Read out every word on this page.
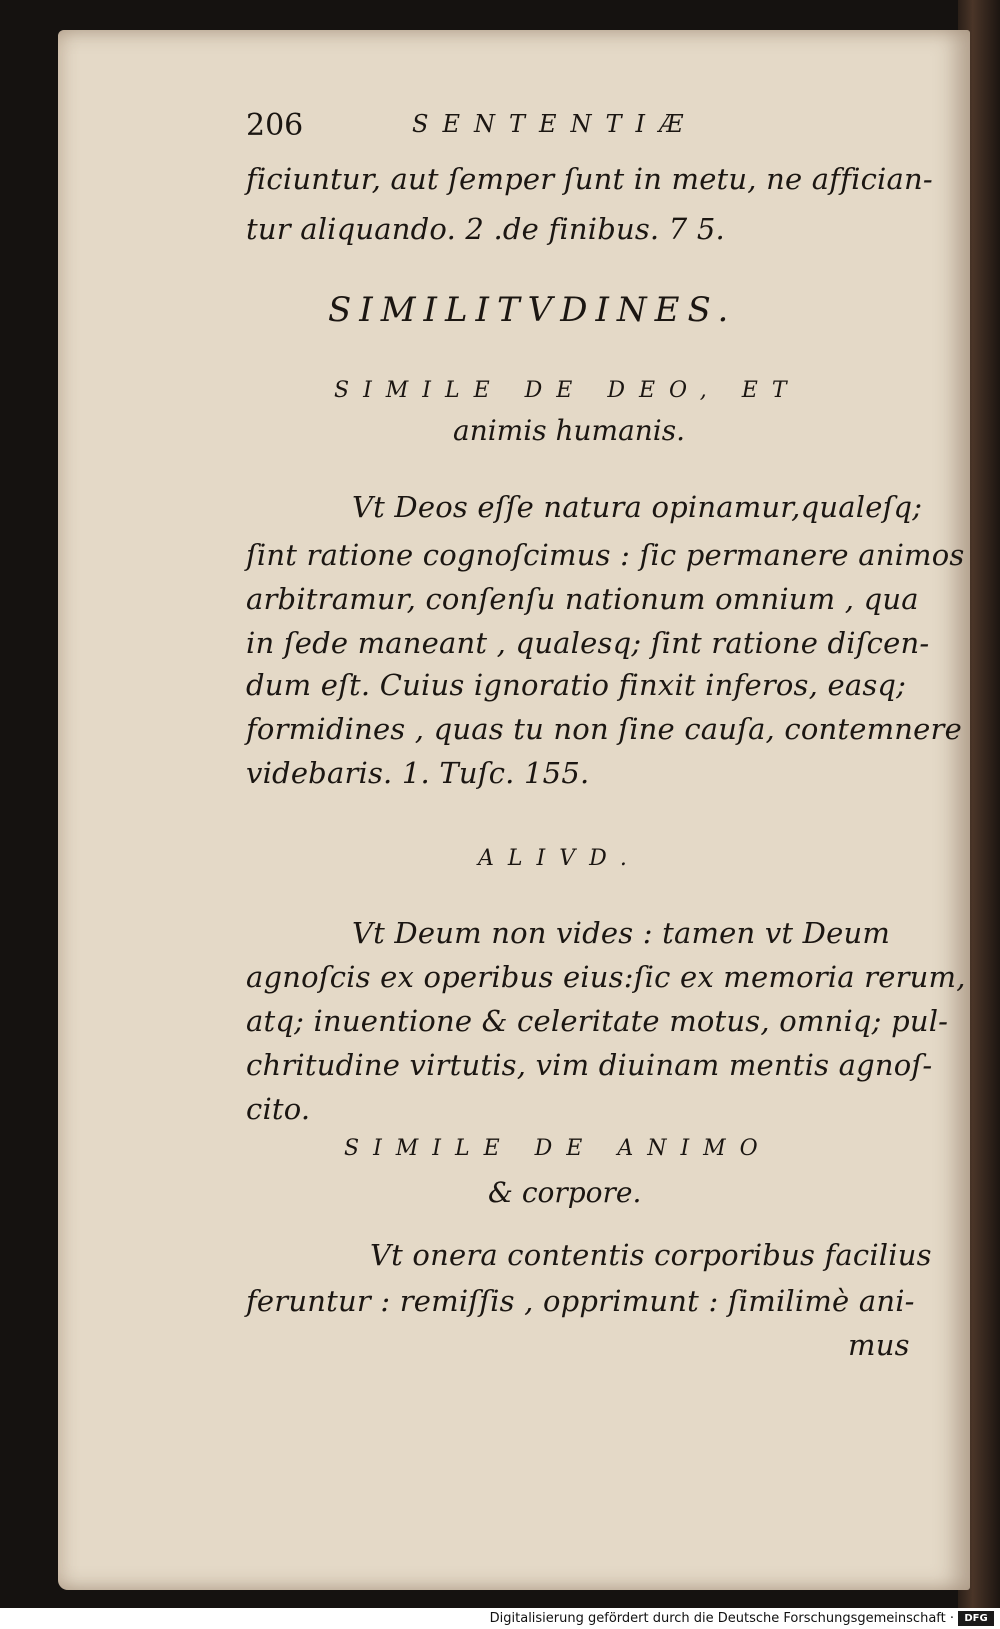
206	SENTENTIÆ
ficiuntur, aut ſemper ſunt in metu, ne affician-
tur aliquando. 2 .de finibus. 7 5.
SIMILITVDINES.
SIMILE DE DEO, ET
animis humanis.
Vt Deos eſſe natura opinamur,qualeſq;
ſint ratione cognoſcimus : ſic permanere animos
arbitramur, conſenſu nationum omnium , qua
in ſede maneant , qualesq; ſint ratione diſcen-
dum eſt. Cuius ignoratio finxit inferos, easq;
formidines , quas tu non ſine cauſa, contemnere
videbaris. 1. Tuſc. 155.
ALIVD.
Vt Deum non vides : tamen vt Deum
agnoſcis ex operibus eius:ſic ex memoria rerum,
atq; inuentione & celeritate motus, omniq; pul-
chritudine virtutis, vim diuinam mentis agnoſ-
cito.
SIMILE DE ANIMO
& corpore.
Vt onera contentis corporibus facilius
feruntur : remiſſis , opprimunt : ſimilimè ani-
mus
Digitalisierung gefördert durch die Deutsche Forschungsgemeinschaft ·	DFG
